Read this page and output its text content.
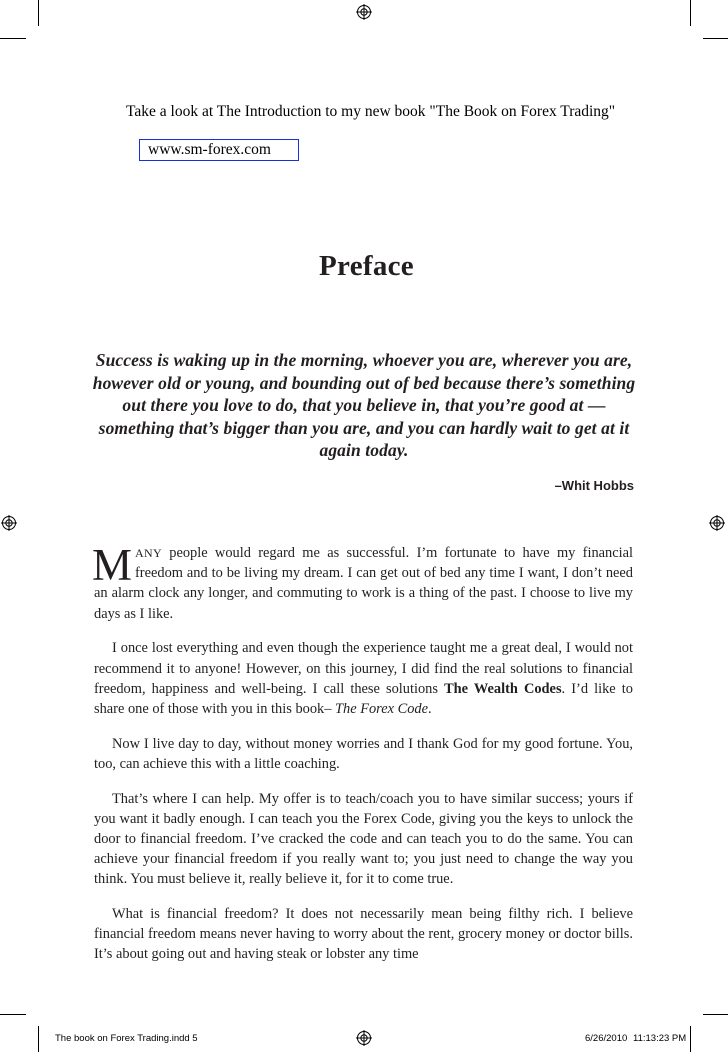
Take a look at The Introduction to my new book "The Book on Forex Trading"
www.sm-forex.com
Preface
Success is waking up in the morning, whoever you are, wherever you are, however old or young, and bounding out of bed because there’s something out there you love to do, that you believe in, that you’re good at — something that’s bigger than you are, and you can hardly wait to get at it again today.
–Whit Hobbs

MANY people would regard me as successful. I’m fortunate to have my financial freedom and to be living my dream. I can get out of bed any time I want, I don’t need an alarm clock any longer, and commuting to work is a thing of the past. I choose to live my days as I like.

I once lost everything and even though the experience taught me a great deal, I would not recommend it to anyone! However, on this journey, I did find the real solutions to financial freedom, happiness and well-being. I call these solutions The Wealth Codes. I’d like to share one of those with you in this book– The Forex Code.

Now I live day to day, without money worries and I thank God for my good fortune. You, too, can achieve this with a little coaching.

That’s where I can help. My offer is to teach/coach you to have similar success; yours if you want it badly enough. I can teach you the Forex Code, giving you the keys to unlock the door to financial freedom. I’ve cracked the code and can teach you to do the same. You can achieve your financial freedom if you really want to; you just need to change the way you think. You must believe it, really believe it, for it to come true.

What is financial freedom? It does not necessarily mean being filthy rich. I believe financial freedom means never having to worry about the rent, grocery money or doctor bills. It’s about going out and having steak or lobster any time

The book on Forex Trading.indd 5	6/26/2010 11:13:23 PM
